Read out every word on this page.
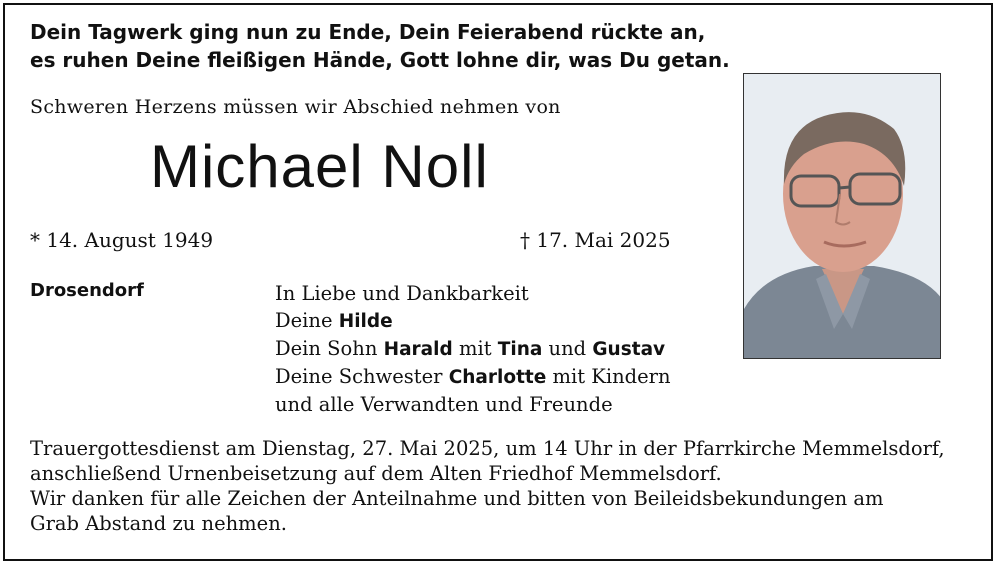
Dein Tagwerk ging nun zu Ende, Dein Feierabend rückte an,
es ruhen Deine fleißigen Hände, Gott lohne dir, was Du getan.
Schweren Herzens müssen wir Abschied nehmen von
Michael Noll
* 14. August 1949	† 17. Mai 2025
Drosendorf	In Liebe und Dankbarkeit
Deine Hilde
Dein Sohn Harald mit Tina und Gustav
Deine Schwester Charlotte mit Kindern
und alle Verwandten und Freunde
Trauergottesdienst am Dienstag, 27. Mai 2025, um 14 Uhr in der Pfarrkirche Memmelsdorf,
anschließend Urnenbeisetzung auf dem Alten Friedhof Memmelsdorf.
Wir danken für alle Zeichen der Anteilnahme und bitten von Beileidsbekundungen am
Grab Abstand zu nehmen.
